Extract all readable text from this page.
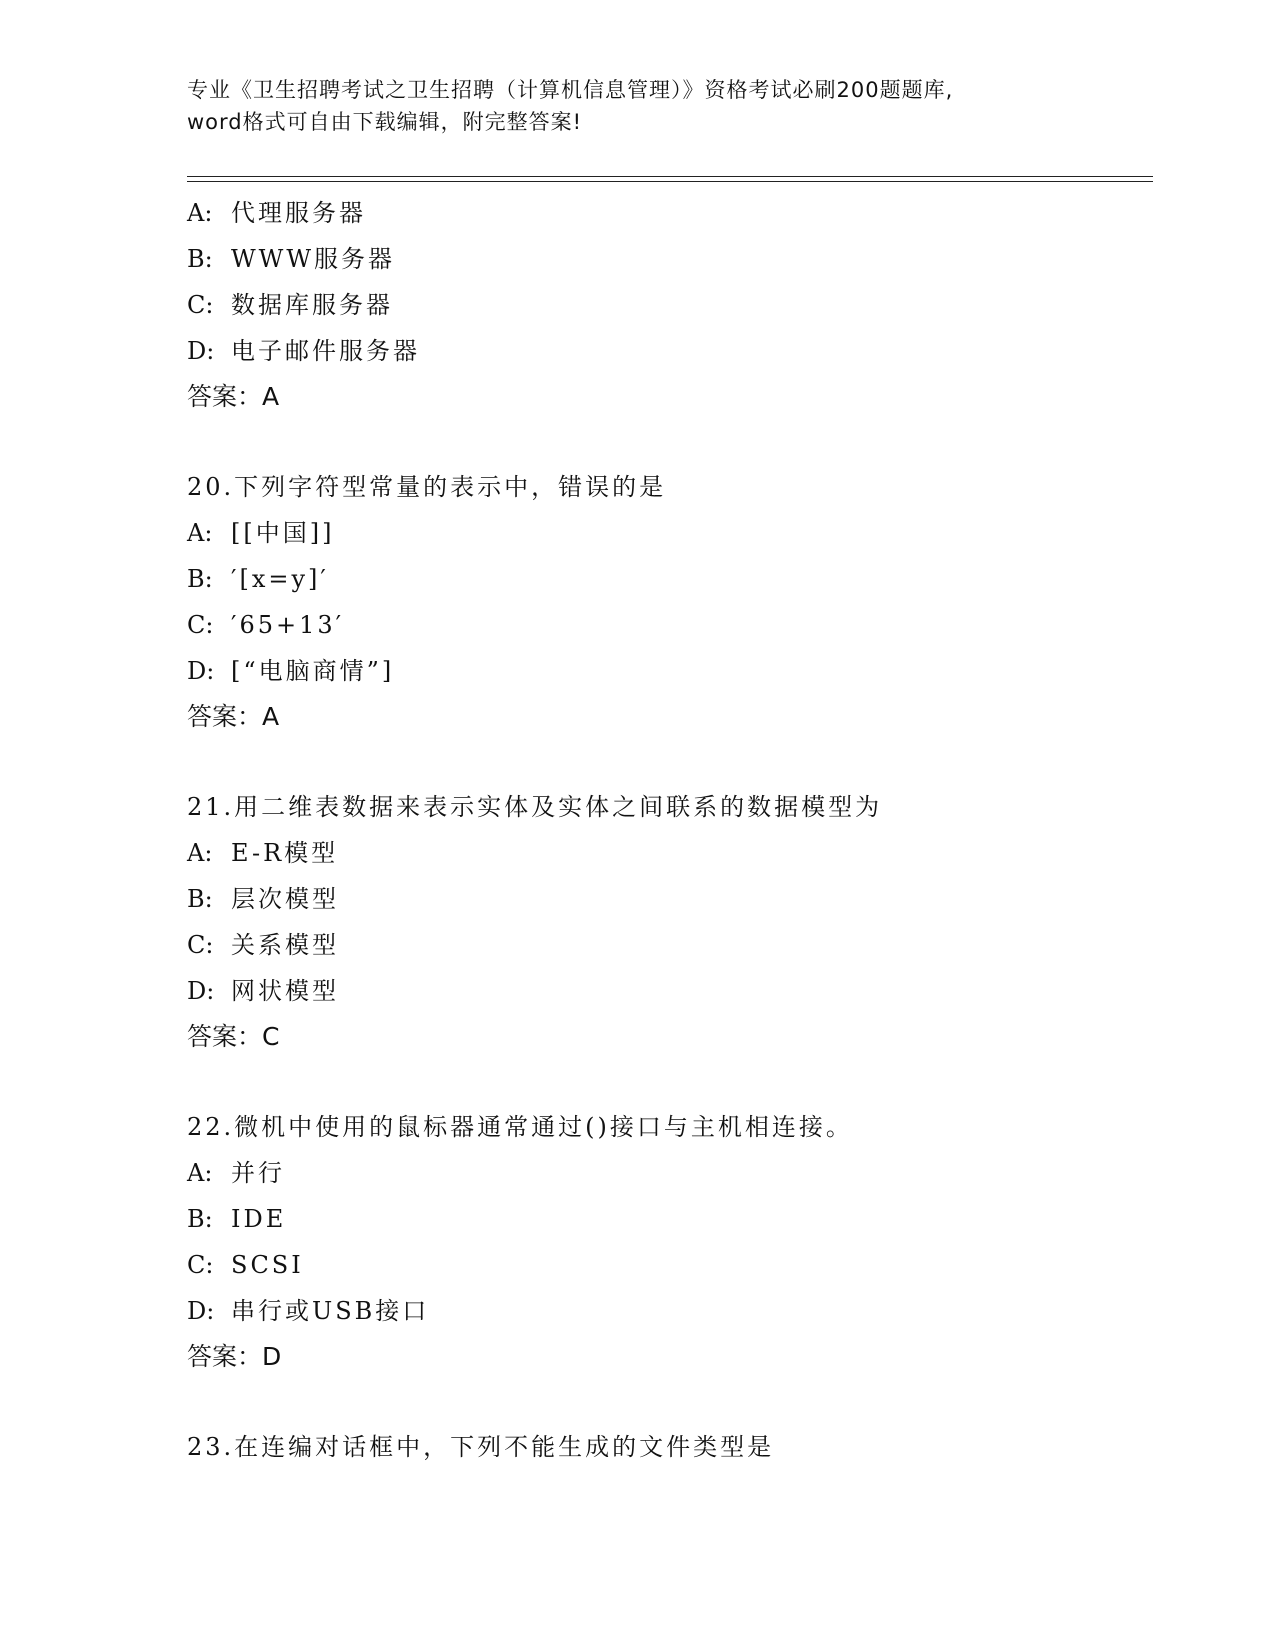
专业《卫生招聘考试之卫生招聘（计算机信息管理）》资格考试必刷200题题库,
word格式可自由下载编辑，附完整答案!
A: 代理服务器
B: WWW服务器
C: 数据库服务器
D: 电子邮件服务器
答案：A
20.下列字符型常量的表示中，错误的是
A: [[中国]]
B: ′[x=y]′
C: ′65+13′
D: [“电脑商情”]
答案：A
21.用二维表数据来表示实体及实体之间联系的数据模型为
A: E-R模型
B: 层次模型
C: 关系模型
D: 网状模型
答案：C
22.微机中使用的鼠标器通常通过()接口与主机相连接。
A: 并行
B: IDE
C: SCSI
D: 串行或USB接口
答案：D
23.在连编对话框中，下列不能生成的文件类型是
